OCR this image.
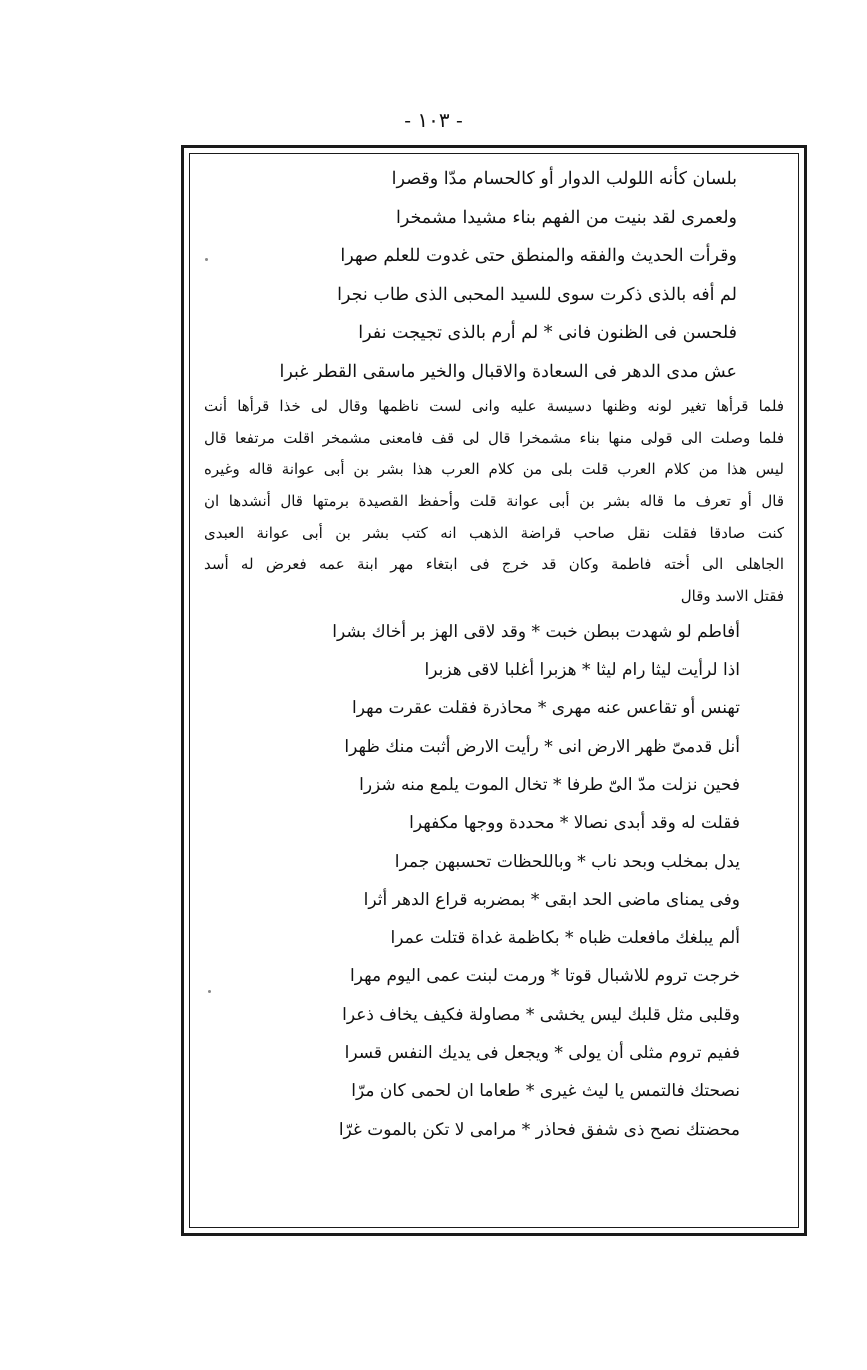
- ١٠٣ -
بلسان كأنه اللولب الدوار أو كالحسام مدّا وقصرا
ولعمرى لقد بنيت من الفهم بناء مشيدا مشمخرا
وقرأت الحديث والفقه والمنطق حتى غدوت للعلم صهرا
لم أفه بالذى ذكرت سوى للسيد المحبى الذى طاب نجرا
فلحسن فى الظنون فانى * لم أرم بالذى تجيجت نفرا
عش مدى الدهر فى السعادة والاقبال والخير ماسقى القطر غبرا
فلما قرأها تغير لونه وظنها دسيسة عليه وانى لست ناظمها وقال لى خذا قرأها أنت
فلما وصلت الى قولى منها بناء مشمخرا قال لى قف فامعنى مشمخر اقلت مرتفعا قال
ليس هذا من كلام العرب قلت بلى من كلام العرب هذا بشر بن أبى عوانة قاله وغيره
قال أو تعرف ما قاله بشر بن أبى عوانة قلت وأحفظ القصيدة برمتها قال أنشدها ان
كنت صادقا فقلت نقل صاحب قراضة الذهب انه كتب بشر بن أبى عوانة العبدى
الجاهلى الى أخته فاطمة وكان قد خرج فى ابتغاء مهر ابنة عمه فعرض له أسد
فقتل الاسد وقال
أفاطم لو شهدت ببطن خبت * وقد لاقى الهز بر أخاك بشرا
اذا لرأيت ليثا رام ليثا * هزبرا أغلبا لاقى هزبرا
تهنس أو تقاعس عنه مهرى * محاذرة فقلت عقرت مهرا
أنل قدمىّ ظهر الارض انى * رأيت الارض أثبت منك ظهرا
فحين نزلت مدّ الىّ طرفا * تخال الموت يلمع منه شزرا
فقلت له وقد أبدى نصالا * محددة ووجها مكفهرا
يدل بمخلب وبحد ناب * وباللحظات تحسبهن جمرا
وفى يمناى ماضى الحد ابقى * بمضربه قراع الدهر أثرا
ألم يبلغك مافعلت ظباه * بكاظمة غداة قتلت عمرا
خرجت تروم للاشبال قوتا * ورمت لبنت عمى اليوم مهرا
وقلبى مثل قلبك ليس يخشى * مصاولة فكيف يخاف ذعرا
ففيم تروم مثلى أن يولى * ويجعل فى يديك النفس قسرا
نصحتك فالتمس يا ليث غيرى * طعاما ان لحمى كان مرّا
محضتك نصح ذى شفق فحاذر * مرامى لا تكن بالموت غرّا
